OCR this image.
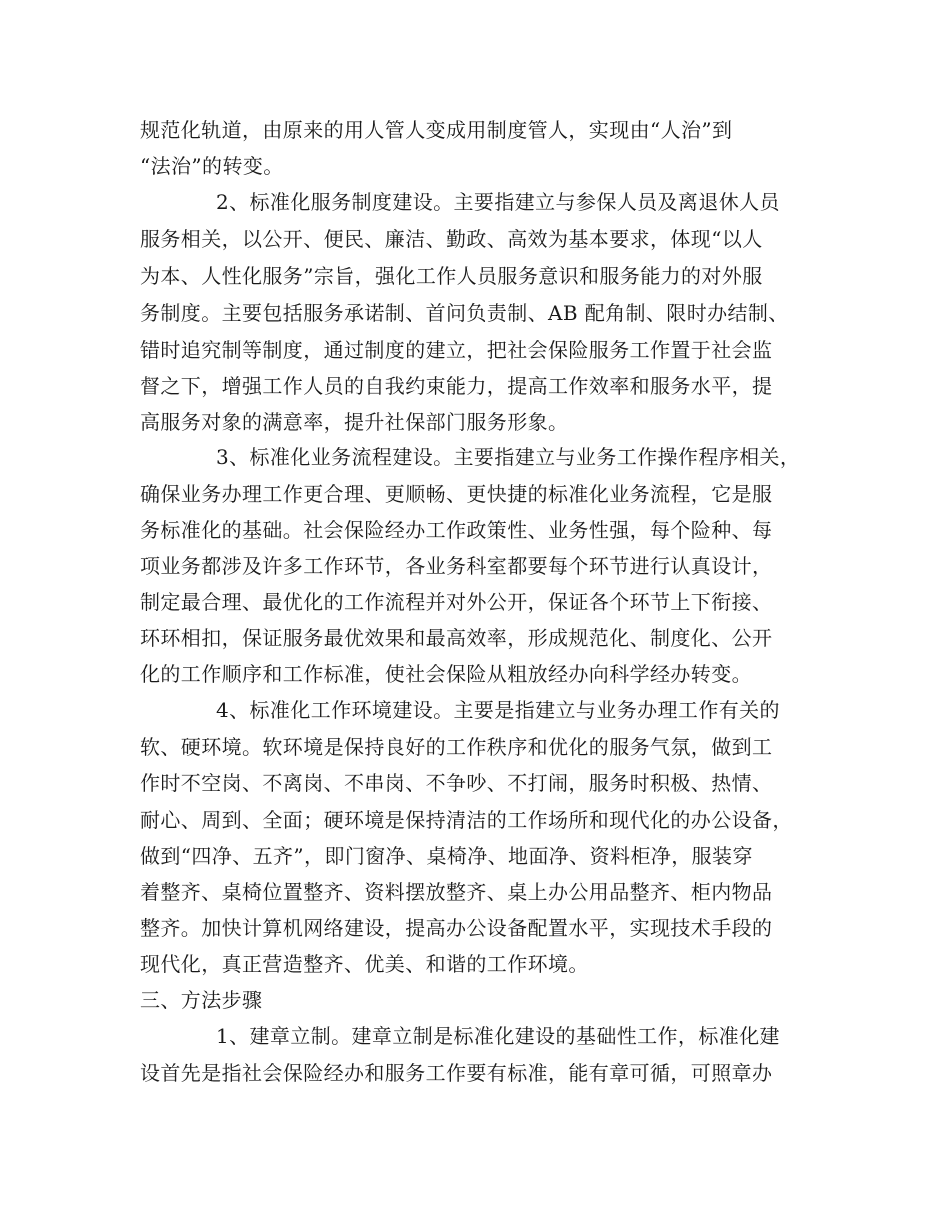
规范化轨道，由原来的用人管人变成用制度管人，实现由“人治”到
“法治”的转变。
2、标准化服务制度建设。主要指建立与参保人员及离退休人员
服务相关，以公开、便民、廉洁、勤政、高效为基本要求，体现“以人
为本、人性化服务”宗旨，强化工作人员服务意识和服务能力的对外服
务制度。主要包括服务承诺制、首问负责制、AB 配角制、限时办结制、
错时追究制等制度，通过制度的建立，把社会保险服务工作置于社会监
督之下，增强工作人员的自我约束能力，提高工作效率和服务水平，提
高服务对象的满意率，提升社保部门服务形象。
3、标准化业务流程建设。主要指建立与业务工作操作程序相关，
确保业务办理工作更合理、更顺畅、更快捷的标准化业务流程，它是服
务标准化的基础。社会保险经办工作政策性、业务性强，每个险种、每
项业务都涉及许多工作环节，各业务科室都要每个环节进行认真设计，
制定最合理、最优化的工作流程并对外公开，保证各个环节上下衔接、
环环相扣，保证服务最优效果和最高效率，形成规范化、制度化、公开
化的工作顺序和工作标准，使社会保险从粗放经办向科学经办转变。
4、标准化工作环境建设。主要是指建立与业务办理工作有关的
软、硬环境。软环境是保持良好的工作秩序和优化的服务气氛，做到工
作时不空岗、不离岗、不串岗、不争吵、不打闹，服务时积极、热情、
耐心、周到、全面；硬环境是保持清洁的工作场所和现代化的办公设备，
做到“四净、五齐”，即门窗净、桌椅净、地面净、资料柜净，服装穿
着整齐、桌椅位置整齐、资料摆放整齐、桌上办公用品整齐、柜内物品
整齐。加快计算机网络建设，提高办公设备配置水平，实现技术手段的
现代化，真正营造整齐、优美、和谐的工作环境。
三、方法步骤
1、建章立制。建章立制是标准化建设的基础性工作，标准化建
设首先是指社会保险经办和服务工作要有标准，能有章可循，可照章办
